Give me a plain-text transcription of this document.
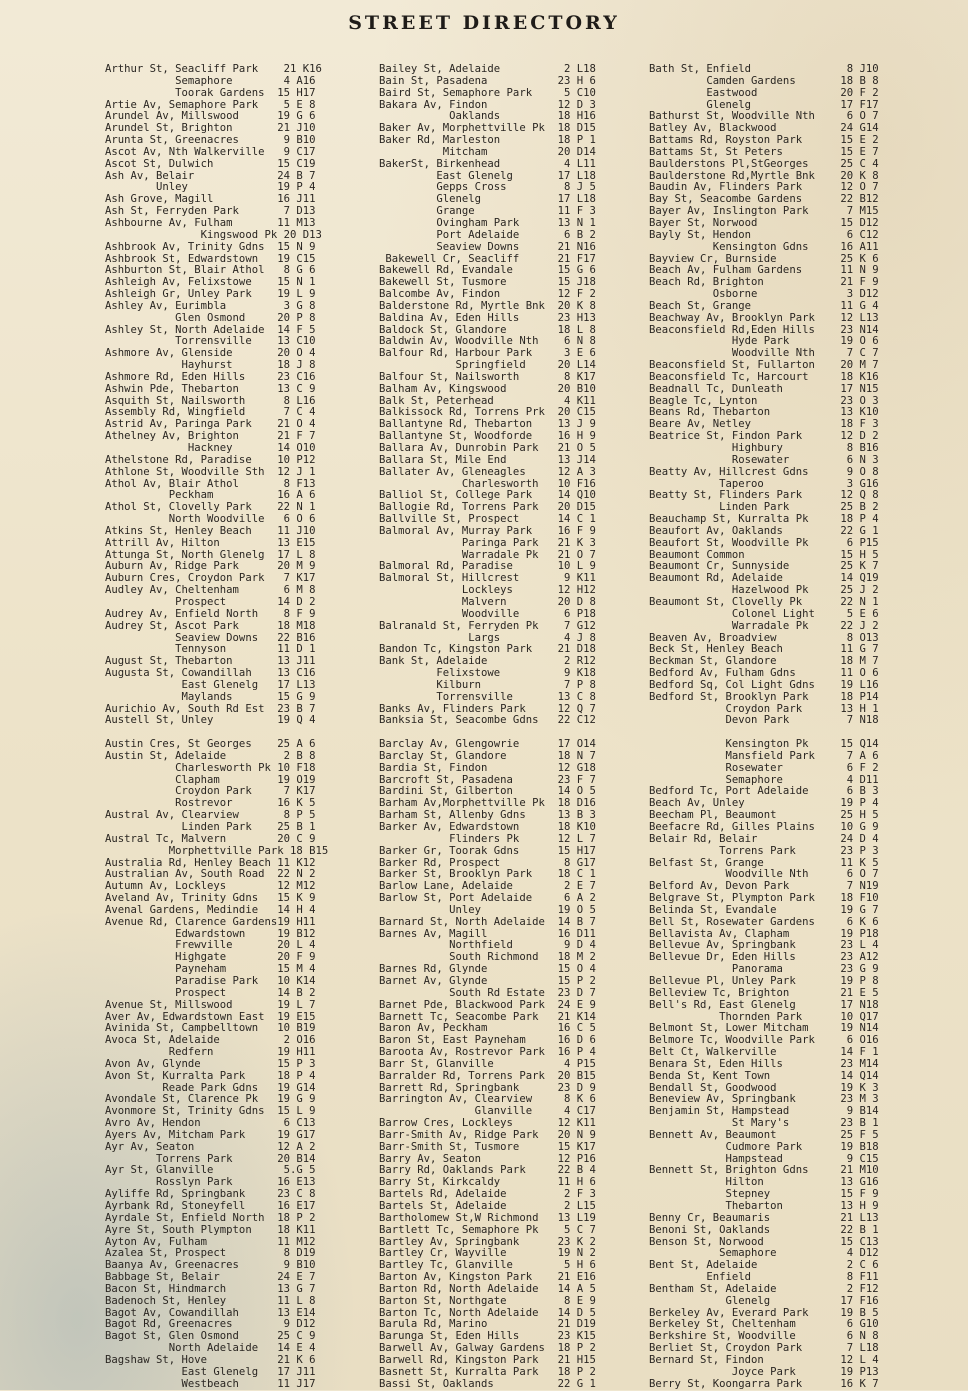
STREET DIRECTORY
Arthur St, Seacliff Park    21 K16
Semaphore        4 A16
Toorak Gardens  15 H17
Artie Av, Semaphore Park    5 E 8
Arundel Av, Millswood      19 G 6
Arundel St, Brighton       21 J10
Arunta St, Greenacres       9 B10
Ascot Av, Nth Walkerville   9 C17
Ascot St, Dulwich          15 C19
Ash Av, Belair             24 B 7
Unley              19 P 4
Ash Grove, Magill          16 J11
Ash St, Ferryden Park       7 D13
Ashbourne Av, Fulham       11 M13
Kingswood Pk 20 D13
Ashbrook Av, Trinity Gdns  15 N 9
Ashbrook St, Edwardstown   19 C15
Ashburton St, Blair Athol   8 G 6
Ashleigh Av, Felixstowe    15 N 1
Ashleigh Gr, Unley Park    19 L 9
Ashley Av, Eurimbla         3 G 8
Glen Osmond     20 P 8
Ashley St, North Adelaide  14 F 5
Torrensville    13 C10
Ashmore Av, Glenside       20 O 4
Hayhurst       18 J 8
Ashmore Rd, Eden Hills     23 C16
Ashwin Pde, Thebarton      13 C 9
Asquith St, Nailsworth      8 L16
Assembly Rd, Wingfield      7 C 4
Astrid Av, Paringa Park    21 O 4
Athelney Av, Brighton      21 F 7
Hackney       14 O10
Athelstone Rd, Paradise    10 P12
Athlone St, Woodville Sth  12 J 1
Athol Av, Blair Athol       8 F13
Peckham          16 A 6
Athol St, Clovelly Park    22 N 1
North Woodville   6 O 6
Atkins St, Henley Beach    11 J10
Attrill Av, Hilton         13 E15
Attunga St, North Glenelg  17 L 8
Auburn Av, Ridge Park      20 M 9
Auburn Cres, Croydon Park   7 K17
Audley Av, Cheltenham       6 M 8
Prospect        14 D 2
Audrey Av, Enfield North    8 F 9
Audrey St, Ascot Park      18 M18
Seaview Downs   22 B16
Tennyson        11 D 1
August St, Thebarton       13 J11
Augusta St, Cowandillah    13 C16
East Glenelg   17 L13
Maylands       15 G 9
Aurichio Av, South Rd Est  23 B 7
Austell St, Unley          19 Q 4
Austin Cres, St Georges    25 A 6
Austin St, Adelaide         2 B 8
Charlesworth Pk 10 F18
Clapham         19 O19
Croydon Park     7 K17
Rostrevor       16 K 5
Austral Av, Clearview       8 P 5
Linden Park    25 B 1
Austral Tc, Malvern        20 C 9
Morphettville Park 18 B15
Australia Rd, Henley Beach 11 K12
Australian Av, South Road  22 N 2
Autumn Av, Lockleys        12 M12
Aveland Av, Trinity Gdns   15 K 9
Avenal Gardens, Medindie   14 H 4
Avenue Rd, Clarence Gardens19 H11
Edwardstown     19 B12
Frewville       20 L 4
Highgate        20 F 9
Payneham        15 M 4
Paradise Park   10 K14
Prospect        14 B 2
Avenue St, Millswood       19 L 7
Aver Av, Edwardstown East  19 E15
Avinida St, Campbelltown   10 B19
Avoca St, Adelaide          2 O16
Redfern          19 H11
Avon Av, Glynde            15 P 3
Avon St, Kurralta Park     18 P 4
Reade Park Gdns   19 G14
Avondale St, Clarence Pk   19 G 9
Avonmore St, Trinity Gdns  15 L 9
Avro Av, Hendon             6 C13
Ayers Av, Mitcham Park     19 G17
Ayr Av, Seaton             12 A 2
Torrens Park       20 B14
Ayr St, Glanville           5.G 5
Rosslyn Park       16 E13
Ayliffe Rd, Springbank     23 C 8
Ayrbank Rd, Stoneyfell     16 E17
Ayrdale St, Enfield North  18 P 2
Ayre St, South Plympton    18 K11
Ayton Av, Fulham           11 M12
Azalea St, Prospect         8 D19
Baanya Av, Greenacres       9 B10
Babbage St, Belair         24 E 7
Bacon St, Hindmarch        13 G 7
Badenoch St, Henley        11 L 8
Bagot Av, Cowandillah      13 E14
Bagot Rd, Greenacres        9 D12
Bagot St, Glen Osmond      25 C 9
North Adelaide   14 E 4
Bagshaw St, Hove           21 K 6
East Glenelg   17 J11
Westbeach      11 J17
Bailey St, Adelaide          2 L18
Bain St, Pasadena           23 H 6
Baird St, Semaphore Park     5 C10
Bakara Av, Findon           12 D 3
Oaklands         18 H16
Baker Av, Morphettville Pk  18 D15
Baker Rd, Marleston         18 P 1
Mitcham           20 D14
BakerSt, Birkenhead          4 L11
East Glenelg       17 L18
Gepps Cross         8 J 5
Glenelg            17 L18
Grange             11 F 3
Ovingham Park      13 N 1
Port Adelaide       6 B 2
Seaview Downs      21 N16
Bakewell Cr, Seacliff      21 F17
Bakewell Rd, Evandale       15 G 6
Bakewell St, Tusmore        15 J18
Balcombe Av, Findon         12 F 2
Balderstone Rd, Myrtle Bnk  20 K 8
Baldina Av, Eden Hills      23 H13
Baldock St, Glandore        18 L 8
Baldwin Av, Woodville Nth    6 N 8
Balfour Rd, Harbour Park     3 E 6
Springfield     20 L14
Balfour St, Nailsworth       8 K17
Balham Av, Kingswood        20 B10
Balk St, Peterhead           4 K11
Balkissock Rd, Torrens Prk  20 C15
Ballantyne Rd, Thebarton    13 J 9
Ballantyne St, Woodforde    16 H 9
Ballara Av, Dunrobin Park   21 O 5
Ballara St, Mile End        13 J14
Ballater Av, Gleneagles     12 A 3
Charlesworth   10 F16
Balliol St, College Park    14 Q10
Ballogie Rd, Torrens Park   20 D15
Ballville St, Prospect      14 C 1
Balmoral Av, Murray Park    16 F 9
Paringa Park   21 K 3
Warradale Pk   21 O 7
Balmoral Rd, Paradise       10 L 9
Balmoral St, Hillcrest       9 K11
Lockleys       12 H12
Malvern        20 D 8
Woodville       6 P18
Balranald St, Ferryden Pk    7 G12
Largs          4 J 8
Bandon Tc, Kingston Park    21 D18
Bank St, Adelaide            2 R12
Felixstowe          9 K18
Kilburn             7 P 8
Torrensville       13 C 8
Banks Av, Flinders Park     12 Q 7
Banksia St, Seacombe Gdns   22 C12
Barclay Av, Glengowrie      17 O14
Barclay St, Glandore        18 N 7
Bardia St, Findon           12 G18
Barcroft St, Pasadena       23 F 7
Bardini St, Gilberton       14 O 5
Barham Av,Morphettville Pk  18 D16
Barham St, Allenby Gdns     13 B 3
Barker Av, Edwardstown      18 K10
Flinders Pk      12 L 7
Barker Gr, Toorak Gdns      15 H17
Barker Rd, Prospect          8 G17
Barker St, Brooklyn Park    18 C 1
Barlow Lane, Adelaide        2 E 7
Barlow St, Port Adelaide     6 A 2
Unley            19 O 5
Barnard St, North Adelaide  14 B 7
Barnes Av, Magill           16 D11
Northfield        9 D 4
South Richmond   18 M 2
Barnes Rd, Glynde           15 O 4
Barnet Av, Glynde           15 P 2
South Rd Estate  23 D 7
Barnet Pde, Blackwood Park  24 E 9
Barnett Tc, Seacombe Park   21 K14
Baron Av, Peckham           16 C 5
Baron St, East Payneham     16 D 6
Baroota Av, Rostrevor Park  16 P 4
Barr St, Glanville           4 P15
Barralder Rd, Torrens Park  20 B15
Barrett Rd, Springbank      23 D 9
Barrington Av, Clearview     8 K 6
Glanville     4 C17
Barrow Cres, Lockleys       12 K11
Barr-Smith Av, Ridge Park   20 N 9
Barr-Smith St, Tusmore      15 K17
Barry Av, Seaton            12 P16
Barry Rd, Oaklands Park     22 B 4
Barry St, Kirkcaldy         11 H 6
Bartels Rd, Adelaide         2 F 3
Bartels St, Adelaide         2 L15
Bartholomew St,W Richmond   13 L19
Bartlett Tc, Semaphore Pk    5 C 7
Bartley Av, Springbank      23 K 2
Bartley Cr, Wayville        19 N 2
Bartley Tc, Glanville        5 H 6
Barton Av, Kingston Park    21 E16
Barton Rd, North Adelaide   14 A 5
Barton St, Northgate         8 E 9
Barton Tc, North Adelaide   14 D 5
Barula Rd, Marino           21 D19
Barunga St, Eden Hills      23 K15
Barwell Av, Galway Gardens  18 P 2
Barwell Rd, Kingston Park   21 H15
Basnett St, Kurralta Park   18 P 2
Bassi St, Oaklands          22 G 1
Bath St, Enfield               8 J10
Camden Gardens       18 B 8
Eastwood             20 F 2
Glenelg              17 F17
Bathurst St, Woodville Nth     6 O 7
Batley Av, Blackwood          24 G14
Battams Rd, Royston Park      15 E 2
Battams St, St Peters         15 E 7
Baulderstons Pl,StGeorges     25 C 4
Baulderstone Rd,Myrtle Bnk    20 K 8
Baudin Av, Flinders Park      12 O 7
Bay St, Seacombe Gardens      22 B12
Bayer Av, Inslington Park      7 M15
Bayer St, Norwood             15 D12
Bayly St, Hendon               6 C12
Kensington Gdns     16 A11
Bayview Cr, Burnside          25 K 6
Beach Av, Fulham Gardens      11 N 9
Beach Rd, Brighton            21 F 9
Osborne              3 D12
Beach St, Grange              11 G 4
Beachway Av, Brooklyn Park    12 L13
Beaconsfield Rd,Eden Hills    23 N14
Hyde Park        19 O 6
Woodville Nth     7 C 7
Beaconsfield St, Fullarton    20 M 7
Beaconsfield Tc, Harcourt     18 K16
Beadnall Tc, Dunleath         17 N15
Beagle Tc, Lynton             23 O 3
Beans Rd, Thebarton           13 K10
Beare Av, Netley              18 F 3
Beatrice St, Findon Park      12 D 2
Highbury          8 B16
Rosewater         6 N 3
Beatty Av, Hillcrest Gdns      9 O 8
Taperoo             3 G16
Beatty St, Flinders Park      12 Q 8
Linden Park        25 B 2
Beauchamp St, Kurralta Pk     18 P 4
Beaufort Av, Oaklands         22 G 1
Beaufort St, Woodville Pk      6 P15
Beaumont Common               15 H 5
Beaumont Cr, Sunnyside        25 K 7
Beaumont Rd, Adelaide         14 Q19
Hazelwood Pk     25 J 2
Beaumont St, Clovelly Pk      22 N 1
Colonel Light     5 E 6
Warradale Pk     22 J 2
Beaven Av, Broadview           8 O13
Beck St, Henley Beach         11 G 7
Beckman St, Glandore          18 M 7
Bedford Av, Fulham Gdns       11 O 6
Bedford Sq, Col Light Gdns    19 L16
Bedford St, Brooklyn Park     18 P14
Croydon Park      13 H 1
Devon Park         7 N18
Kensington Pk     15 Q14
Mansfield Park     7 A 6
Rosewater          6 F 2
Semaphore          4 D11
Bedford Tc, Port Adelaide      6 B 3
Beach Av, Unley               19 P 4
Beecham Pl, Beaumont          25 H 5
Beefacre Rd, Gilles Plains    10 G 9
Belair Rd, Belair             24 D 4
Torrens Park       23 P 3
Belfast St, Grange            11 K 5
Woodville Nth      6 O 7
Belford Av, Devon Park         7 N19
Belgrave St, Plympton Park    18 F10
Belinda St, Evandale          19 G 7
Bell St, Rosewater Gardens     6 K 6
Bellavista Av, Clapham        19 P18
Bellevue Av, Springbank       23 L 4
Bellevue Dr, Eden Hills       23 A12
Panorama         23 G 9
Bellevue Pl, Unley Park       19 P 8
Belleview Tc, Brighton        21 E 5
Bell's Rd, East Glenelg       17 N18
Thornden Park      10 Q17
Belmont St, Lower Mitcham     19 N14
Belmore Tc, Woodville Park     6 O16
Belt Ct, Walkerville          14 F 1
Benara St, Eden Hills         23 M14
Benda St, Kent Town           14 Q14
Bendall St, Goodwood          19 K 3
Beneview Av, Springbank       23 M 3
Benjamin St, Hampstead         9 B14
St Mary's        23 B 1
Bennett Av, Beaumont          25 F 5
Cudmore Park      19 B18
Hampstead          9 C15
Bennett St, Brighton Gdns     21 M10
Hilton            13 G16
Stepney           15 F 9
Thebarton         13 H 9
Benny Cr, Beaumaris           21 L13
Benoni St, Oaklands           22 B 1
Benson St, Norwood            15 C13
Semaphore           4 D12
Bent St, Adelaide              2 C 6
Enfield               8 F11
Bentham St, Adelaide           2 F12
Glenelg           17 F16
Berkeley Av, Everard Park     19 B 5
Berkeley St, Cheltenham        6 G10
Berkshire St, Woodville        6 N 8
Berliet St, Croydon Park       7 L18
Bernard St, Findon            12 L 4
Joyce Park       19 P13
Berry St, Koongarra Park      16 K 7
